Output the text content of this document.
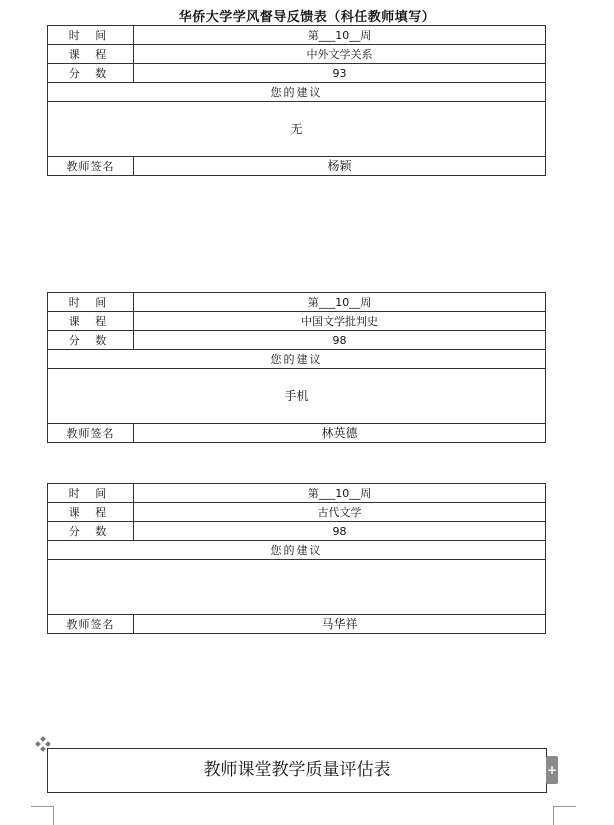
华侨大学学风督导反馈表（科任教师填写）
时 间	第___10__周
课 程	中外文学关系
分 数	93
您的建议	
无	
教师签名	杨颖
时 间	第___10__周
课 程	中国文学批判史
分 数	98
您的建议	
手机	
教师签名	林英德
时 间	第___10__周
课 程	古代文学
分 数	98
您的建议	

教师签名	马华祥
教师课堂教学质量评估表	+
